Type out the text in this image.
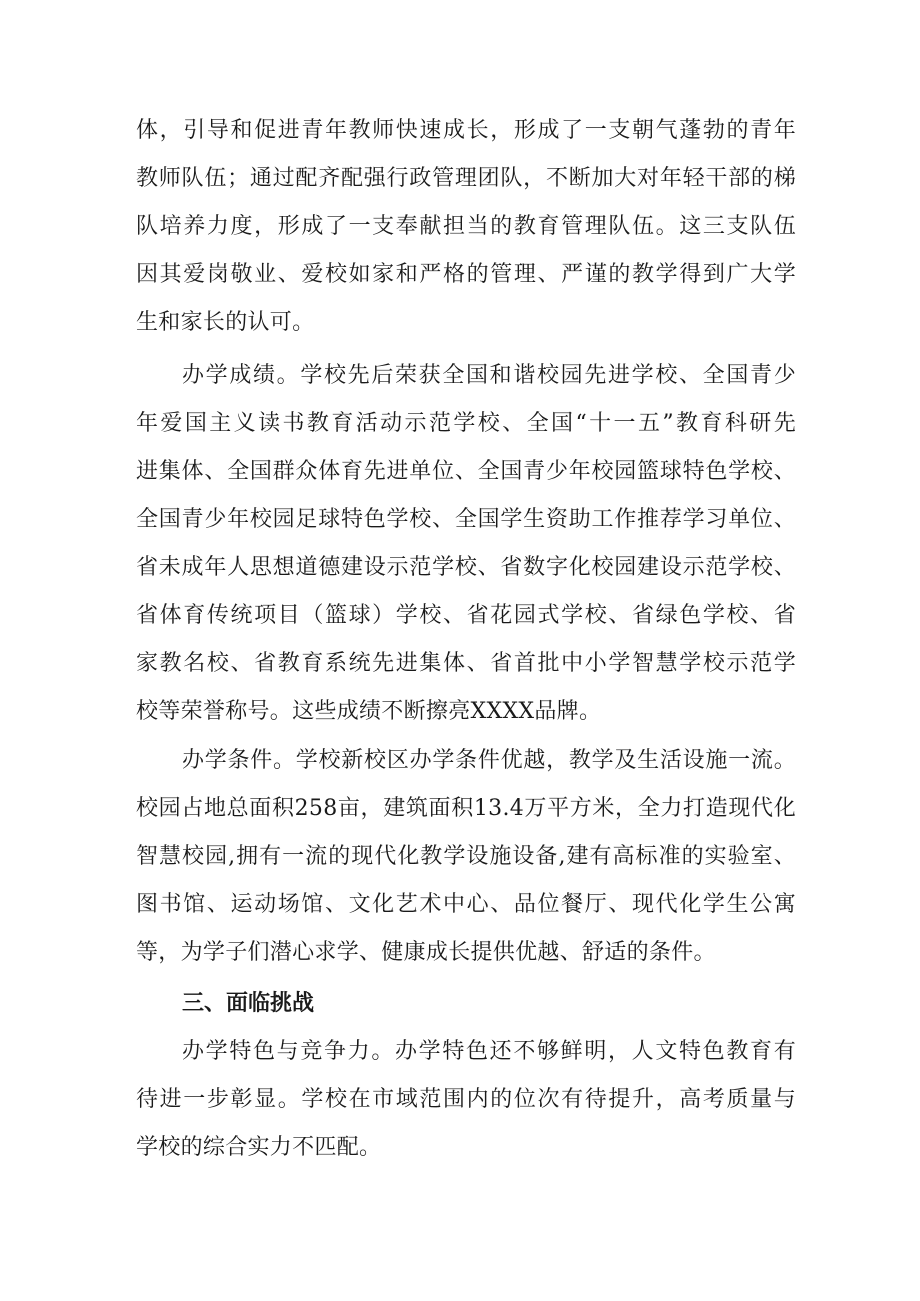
体，引导和促进青年教师快速成长，形成了一支朝气蓬勃的青年
教师队伍；通过配齐配强行政管理团队，不断加大对年轻干部的梯
队培养力度，形成了一支奉献担当的教育管理队伍。这三支队伍
因其爱岗敬业、爱校如家和严格的管理、严谨的教学得到广大学
生和家长的认可。
办学成绩。学校先后荣获全国和谐校园先进学校、全国青少
年爱国主义读书教育活动示范学校、全国“十一五”教育科研先
进集体、全国群众体育先进单位、全国青少年校园篮球特色学校、
全国青少年校园足球特色学校、全国学生资助工作推荐学习单位、
省未成年人思想道德建设示范学校、省数字化校园建设示范学校、
省体育传统项目（篮球）学校、省花园式学校、省绿色学校、省
家教名校、省教育系统先进集体、省首批中小学智慧学校示范学
校等荣誉称号。这些成绩不断擦亮XXXX品牌。
办学条件。学校新校区办学条件优越，教学及生活设施一流。
校园占地总面积258亩，建筑面积13.4万平方米，全力打造现代化
智慧校园,拥有一流的现代化教学设施设备,建有高标准的实验室、
图书馆、运动场馆、文化艺术中心、品位餐厅、现代化学生公寓
等，为学子们潜心求学、健康成长提供优越、舒适的条件。
三、面临挑战
办学特色与竞争力。办学特色还不够鲜明，人文特色教育有
待进一步彰显。学校在市域范围内的位次有待提升，高考质量与
学校的综合实力不匹配。
